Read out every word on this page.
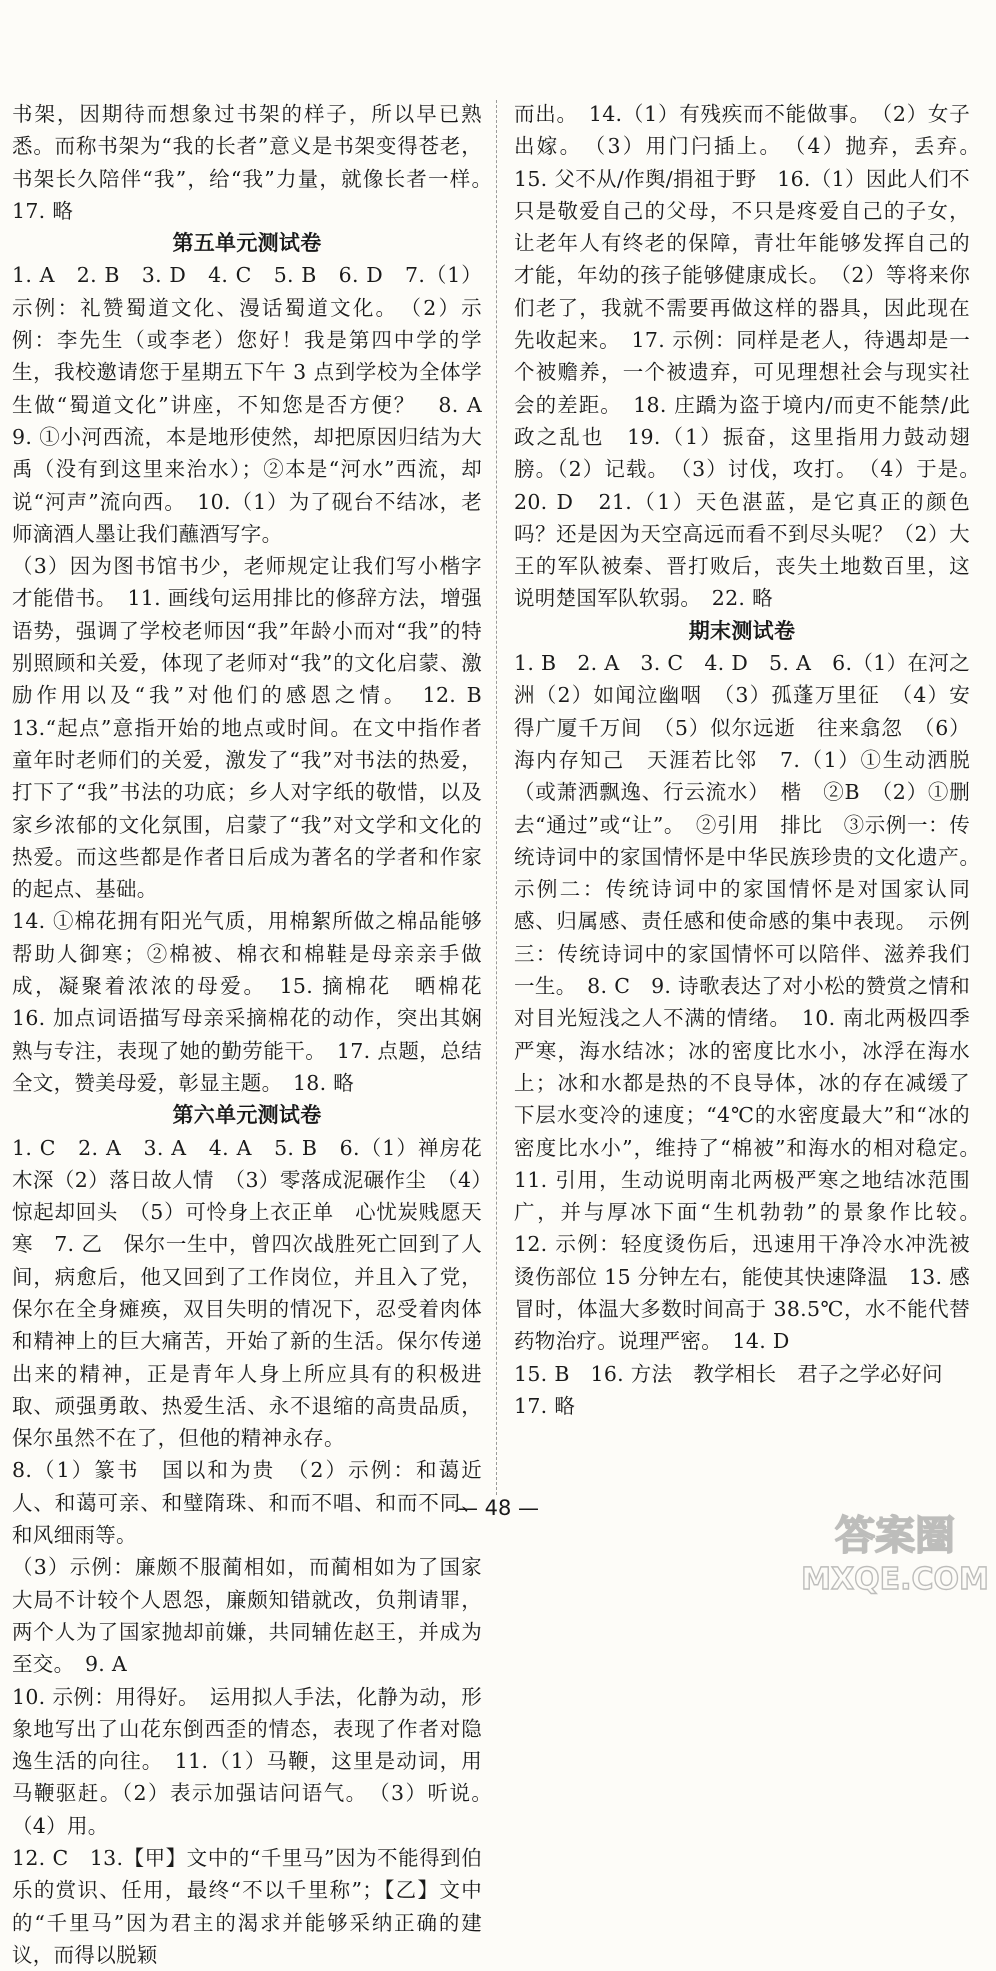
书架，因期待而想象过书架的样子，所以早已熟悉。而称书架为“我的长者”意义是书架变得苍老，书架长久陪伴“我”，给“我”力量，就像长者一样。　17. 略

第五单元测试卷

1. A　2. B　3. D　4. C　5. B　6. D　7.（1）示例：礼赞蜀道文化、漫话蜀道文化。　（2）示例：李先生（或李老）您好！我是第四中学的学生，我校邀请您于星期五下午 3 点到学校为全体学生做“蜀道文化”讲座，不知您是否方便？　8. A　9. ①小河西流，本是地形使然，却把原因归结为大禹（没有到这里来治水）；②本是“河水”西流，却说“河声”流向西。　10.（1）为了砚台不结冰，老师滴酒人墨让我们蘸酒写字。

（3）因为图书馆书少，老师规定让我们写小楷字才能借书。　11. 画线句运用排比的修辞方法，增强语势，强调了学校老师因“我”年龄小而对“我”的特别照顾和关爱，体现了老师对“我”的文化启蒙、激励作用以及“我”对他们的感恩之情。　12. B　13.“起点”意指开始的地点或时间。在文中指作者童年时老师们的关爱，激发了“我”对书法的热爱，打下了“我”书法的功底；乡人对字纸的敬惜，以及家乡浓郁的文化氛围，启蒙了“我”对文学和文化的热爱。而这些都是作者日后成为著名的学者和作家的起点、基础。

14. ①棉花拥有阳光气质，用棉絮所做之棉品能够帮助人御寒；②棉被、棉衣和棉鞋是母亲亲手做成，凝聚着浓浓的母爱。　15. 摘棉花　晒棉花　16. 加点词语描写母亲采摘棉花的动作，突出其娴熟与专注，表现了她的勤劳能干。　17. 点题，总结全文，赞美母爱，彰显主题。　18. 略

第六单元测试卷

1. C　2. A　3. A　4. A　5. B　6.（1）禅房花木深（2）落日故人情　（3）零落成泥碾作尘　（4）惊起却回头　（5）可怜身上衣正单　心忧炭贱愿天寒　7. 乙　保尔一生中，曾四次战胜死亡回到了人间，病愈后，他又回到了工作岗位，并且入了党，保尔在全身瘫痪，双目失明的情况下，忍受着肉体和精神上的巨大痛苦，开始了新的生活。保尔传递出来的精神，正是青年人身上所应具有的积极进取、顽强勇敢、热爱生活、永不退缩的高贵品质，保尔虽然不在了，但他的精神永存。

8.（1）篆书　国以和为贵　（2）示例：和蔼近人、和蔼可亲、和璧隋珠、和而不唱、和而不同、和风细雨等。

（3）示例：廉颇不服蔺相如，而蔺相如为了国家大局不计较个人恩怨，廉颇知错就改，负荆请罪，两个人为了国家抛却前嫌，共同辅佐赵王，并成为至交。　9. A

10. 示例：用得好。　运用拟人手法，化静为动，形象地写出了山花东倒西歪的情态，表现了作者对隐逸生活的向往。　11.（1）马鞭，这里是动词，用马鞭驱赶。（2）表示加强诘问语气。　（3）听说。　（4）用。

12. C　13.【甲】文中的“千里马”因为不能得到伯乐的赏识、任用，最终“不以千里称”；【乙】文中的“千里马”因为君主的渴求并能够采纳正确的建议，而得以脱颖

而出。　14.（1）有残疾而不能做事。　（2）女子出嫁。　（3）用门闩插上。　（4）抛弃，丢弃。　15. 父不从/作舆/捐祖于野　16.（1）因此人们不只是敬爱自己的父母，不只是疼爱自己的子女，让老年人有终老的保障，青壮年能够发挥自己的才能，年幼的孩子能够健康成长。　（2）等将来你们老了，我就不需要再做这样的器具，因此现在先收起来。　17. 示例：同样是老人，待遇却是一个被赡养，一个被遗弃，可见理想社会与现实社会的差距。　18. 庄蹻为盗于境内/而吏不能禁/此政之乱也　19.（1）振奋，这里指用力鼓动翅膀。（2）记载。　（3）讨伐，攻打。　（4）于是。　20. D　21.（1）天色湛蓝，是它真正的颜色吗？还是因为天空高远而看不到尽头呢？（2）大王的军队被秦、晋打败后，丧失土地数百里，这说明楚国军队软弱。　22. 略

期末测试卷

1. B　2. A　3. C　4. D　5. A　6.（1）在河之洲（2）如闻泣幽咽　（3）孤蓬万里征　（4）安得广厦千万间　（5）似尔远逝　往来翕忽　（6）海内存知己　天涯若比邻　7.（1）①生动洒脱（或萧洒飘逸、行云流水）　楷　②B　（2）①删去“通过”或“让”。　②引用　排比　③示例一：传统诗词中的家国情怀是中华民族珍贵的文化遗产。　示例二：传统诗词中的家国情怀是对国家认同感、归属感、责任感和使命感的集中表现。　示例三：传统诗词中的家国情怀可以陪伴、滋养我们一生。　8. C　9. 诗歌表达了对小松的赞赏之情和对目光短浅之人不满的情绪。　10. 南北两极四季严寒，海水结冰；冰的密度比水小，冰浮在海水上；冰和水都是热的不良导体，冰的存在减缓了下层水变冷的速度；“4℃的水密度最大”和“冰的密度比水小”，维持了“棉被”和海水的相对稳定。　11. 引用，生动说明南北两极严寒之地结冰范围广，并与厚冰下面“生机勃勃”的景象作比较。　12. 示例：轻度烫伤后，迅速用干净冷水冲洗被烫伤部位 15 分钟左右，能使其快速降温　13. 感冒时，体温大多数时间高于 38.5℃，水不能代替药物治疗。说理严密。　14. D

15. B　16. 方法　教学相长　君子之学必好问

17. 略

— 48 —
答案圈
MXQE.COM
